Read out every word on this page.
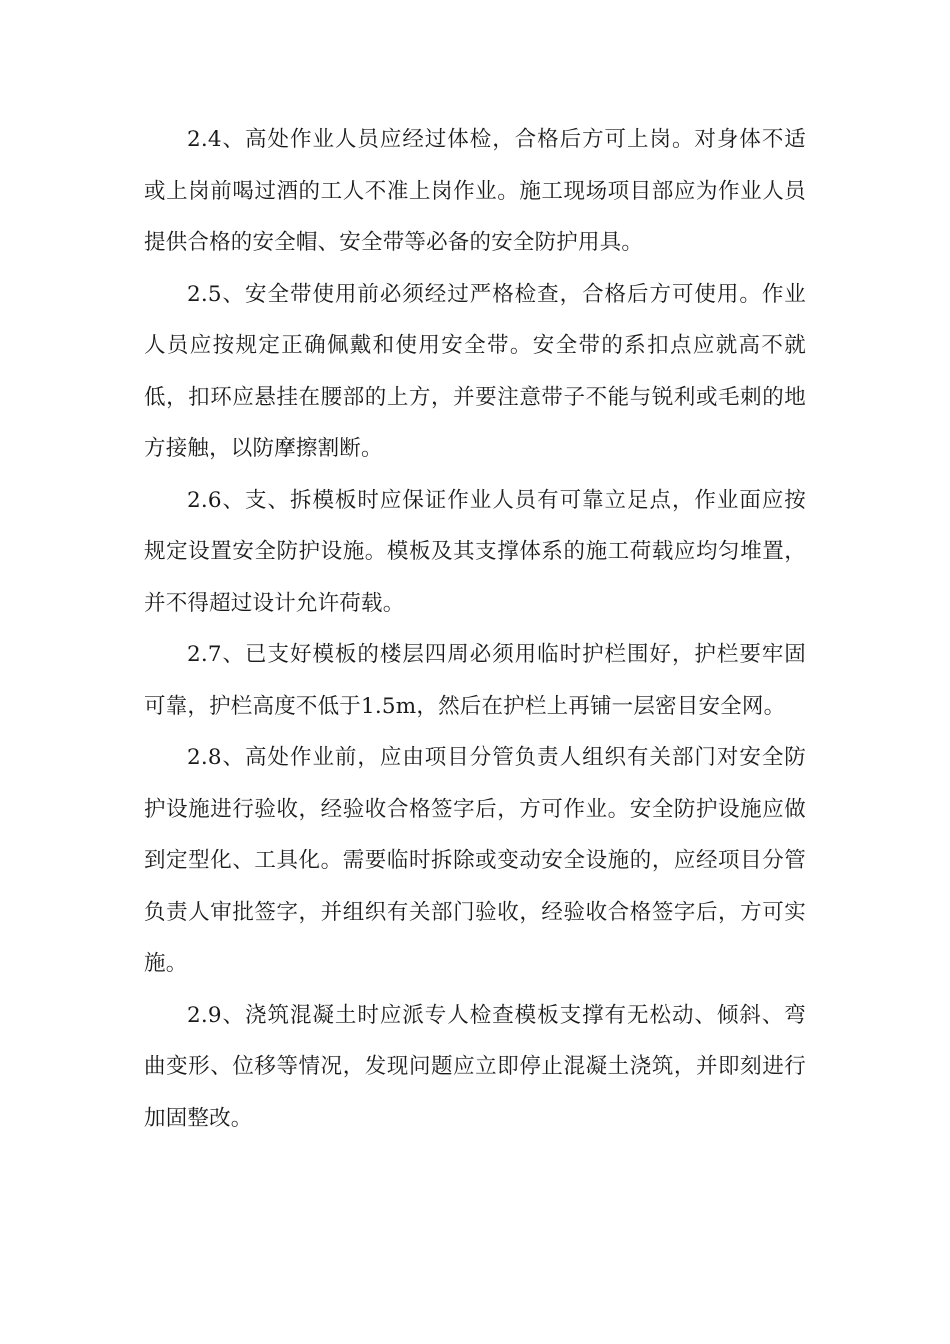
2.4、高处作业人员应经过体检，合格后方可上岗。对身体不适或上岗前喝过酒的工人不准上岗作业。施工现场项目部应为作业人员提供合格的安全帽、安全带等必备的安全防护用具。

2.5、安全带使用前必须经过严格检查，合格后方可使用。作业人员应按规定正确佩戴和使用安全带。安全带的系扣点应就高不就低，扣环应悬挂在腰部的上方，并要注意带子不能与锐利或毛刺的地方接触，以防摩擦割断。

2.6、支、拆模板时应保证作业人员有可靠立足点，作业面应按规定设置安全防护设施。模板及其支撑体系的施工荷载应均匀堆置，并不得超过设计允许荷载。

2.7、已支好模板的楼层四周必须用临时护栏围好，护栏要牢固可靠，护栏高度不低于1.5m，然后在护栏上再铺一层密目安全网。

2.8、高处作业前，应由项目分管负责人组织有关部门对安全防护设施进行验收，经验收合格签字后，方可作业。安全防护设施应做到定型化、工具化。需要临时拆除或变动安全设施的，应经项目分管负责人审批签字，并组织有关部门验收，经验收合格签字后，方可实施。

2.9、浇筑混凝土时应派专人检查模板支撑有无松动、倾斜、弯曲变形、位移等情况，发现问题应立即停止混凝土浇筑，并即刻进行加固整改。
